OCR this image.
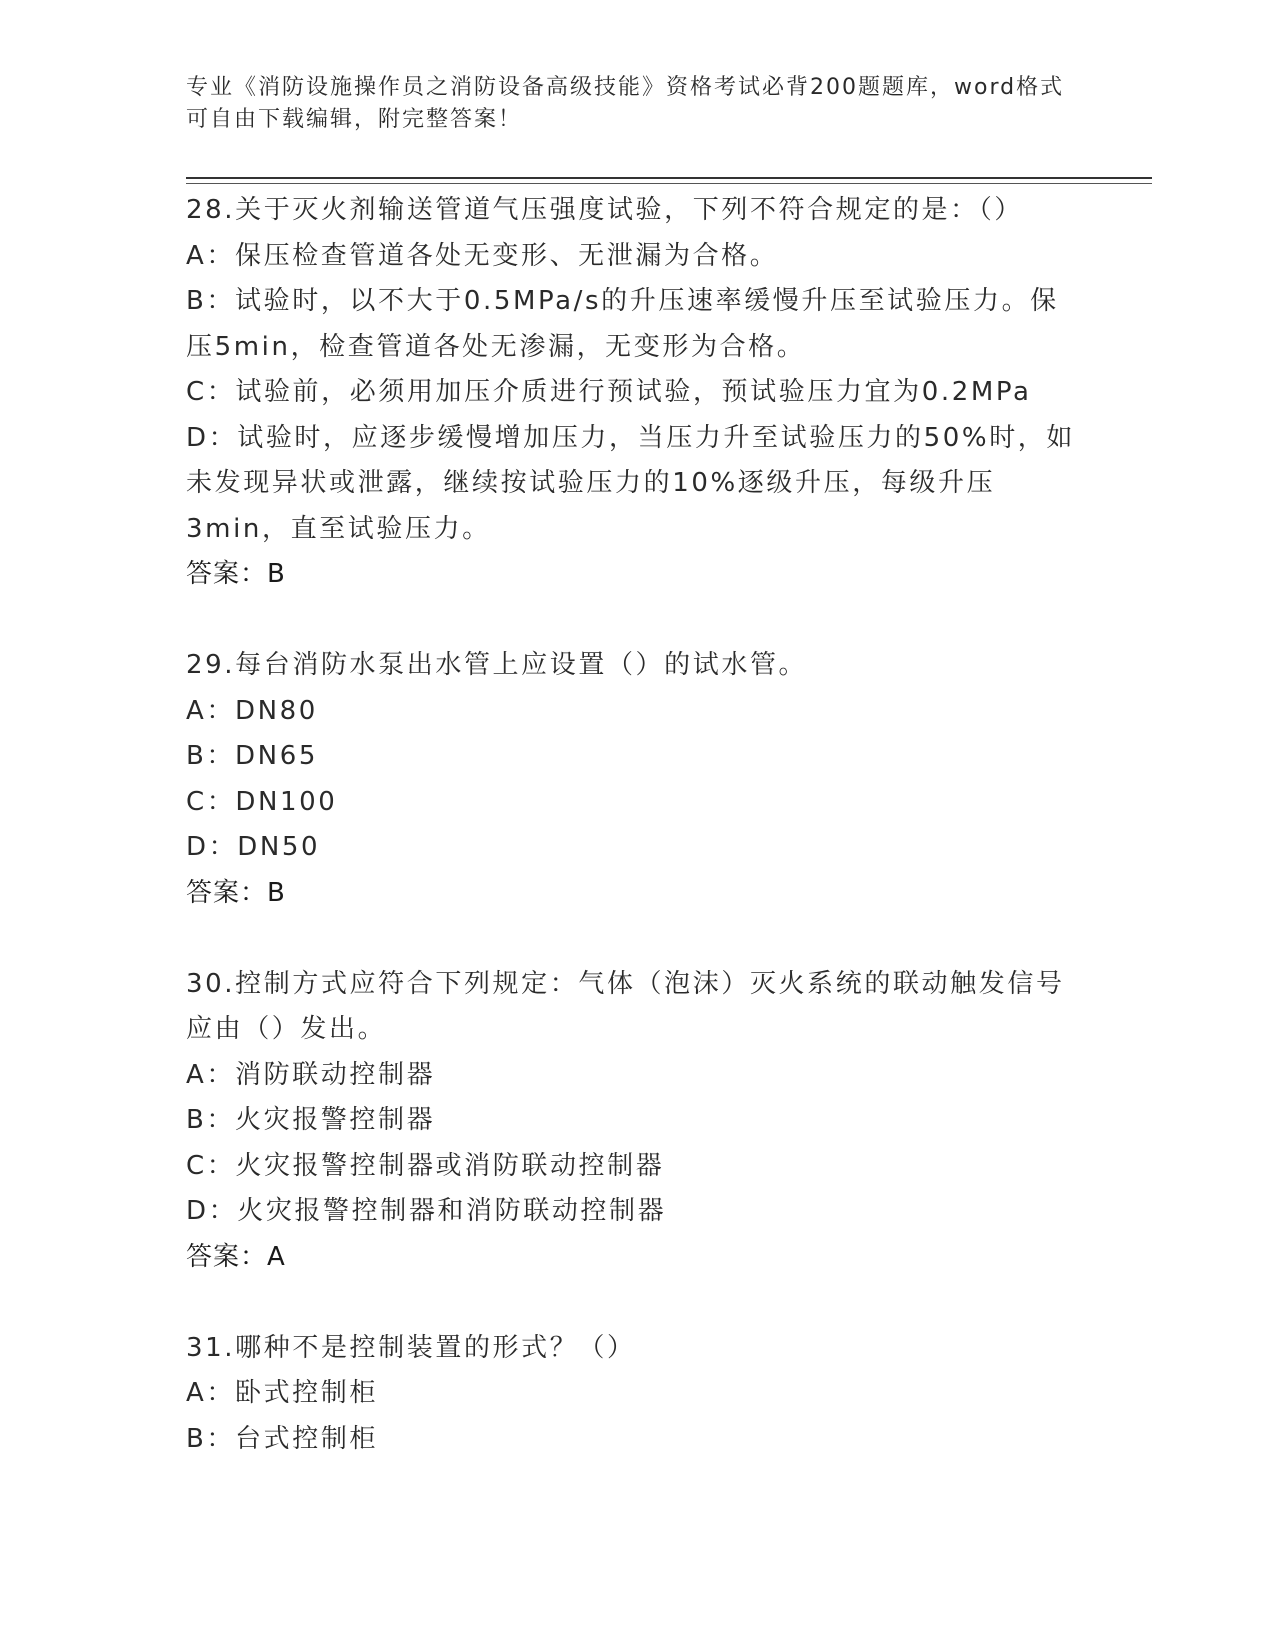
专业《消防设施操作员之消防设备高级技能》资格考试必背200题题库，word格式可自由下载编辑，附完整答案！
28.关于灭火剂输送管道气压强度试验，下列不符合规定的是：（）
A：保压检查管道各处无变形、无泄漏为合格。
B：试验时，以不大于0.5MPa/s的升压速率缓慢升压至试验压力。保压5min，检查管道各处无渗漏，无变形为合格。
C：试验前，必须用加压介质进行预试验，预试验压力宜为0.2MPa
D：试验时，应逐步缓慢增加压力，当压力升至试验压力的50%时，如未发现异状或泄露，继续按试验压力的10%逐级升压，每级升压3min，直至试验压力。
答案：B
29.每台消防水泵出水管上应设置（）的试水管。
A：DN80
B：DN65
C：DN100
D：DN50
答案：B
30.控制方式应符合下列规定：气体（泡沫）灭火系统的联动触发信号应由（）发出。
A：消防联动控制器
B：火灾报警控制器
C：火灾报警控制器或消防联动控制器
D：火灾报警控制器和消防联动控制器
答案：A
31.哪种不是控制装置的形式？（）
A：卧式控制柜
B：台式控制柜
